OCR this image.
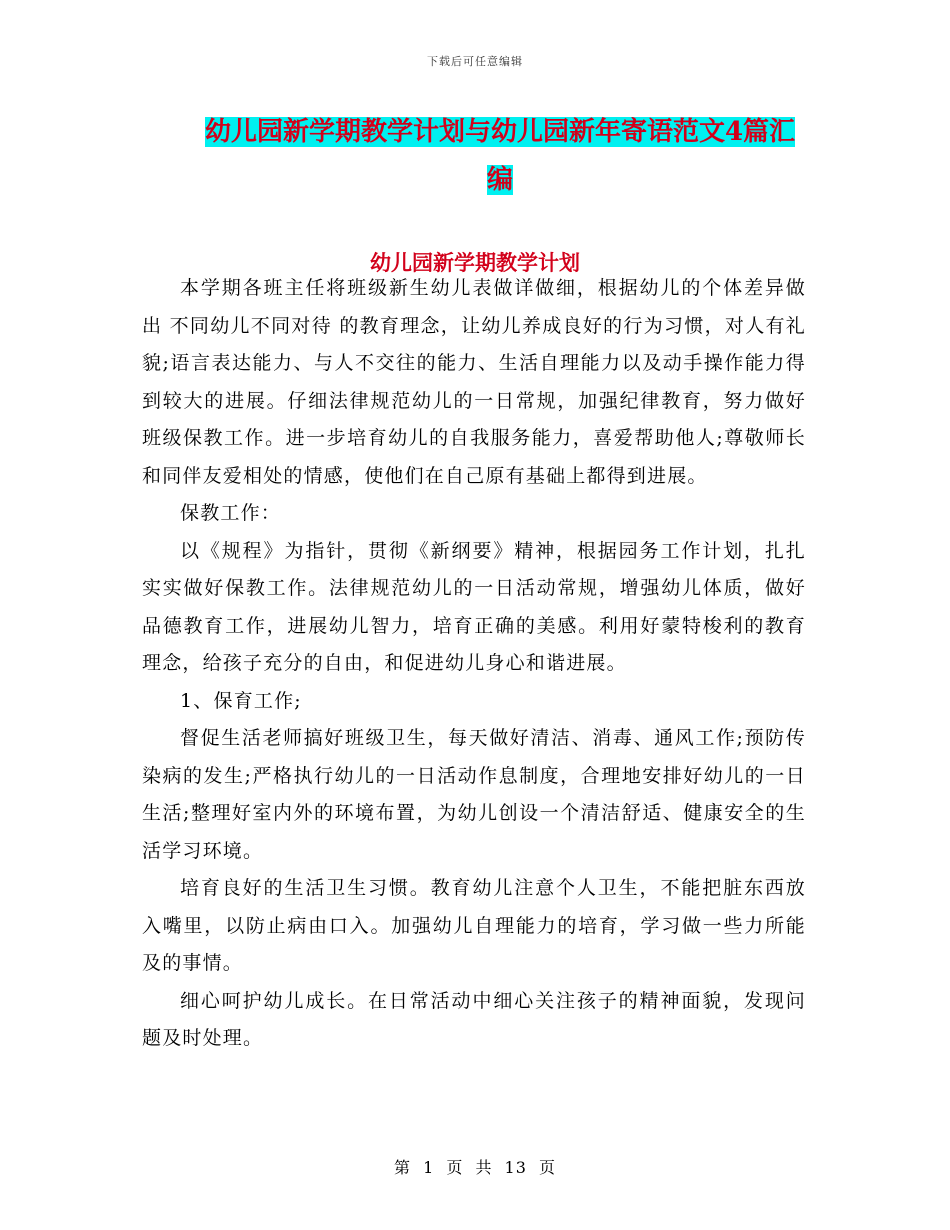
下载后可任意编辑
幼儿园新学期教学计划与幼儿园新年寄语范文4篇汇
编
幼儿园新学期教学计划

本学期各班主任将班级新生幼儿表做详做细，根据幼儿的个体差异做出 不同幼儿不同对待 的教育理念，让幼儿养成良好的行为习惯，对人有礼貌;语言表达能力、与人不交往的能力、生活自理能力以及动手操作能力得到较大的进展。仔细法律规范幼儿的一日常规，加强纪律教育，努力做好班级保教工作。进一步培育幼儿的自我服务能力，喜爱帮助他人;尊敬师长和同伴友爱相处的情感，使他们在自己原有基础上都得到进展。

保教工作：

以《规程》为指针，贯彻《新纲要》精神，根据园务工作计划，扎扎实实做好保教工作。法律规范幼儿的一日活动常规，增强幼儿体质，做好品德教育工作，进展幼儿智力，培育正确的美感。利用好蒙特梭利的教育理念，给孩子充分的自由，和促进幼儿身心和谐进展。

1、保育工作;

督促生活老师搞好班级卫生，每天做好清洁、消毒、通风工作;预防传染病的发生;严格执行幼儿的一日活动作息制度，合理地安排好幼儿的一日生活;整理好室内外的环境布置，为幼儿创设一个清洁舒适、健康安全的生活学习环境。

培育良好的生活卫生习惯。教育幼儿注意个人卫生，不能把脏东西放入嘴里，以防止病由口入。加强幼儿自理能力的培育，学习做一些力所能及的事情。

细心呵护幼儿成长。在日常活动中细心关注孩子的精神面貌，发现问题及时处理。

第 1 页 共 13 页
